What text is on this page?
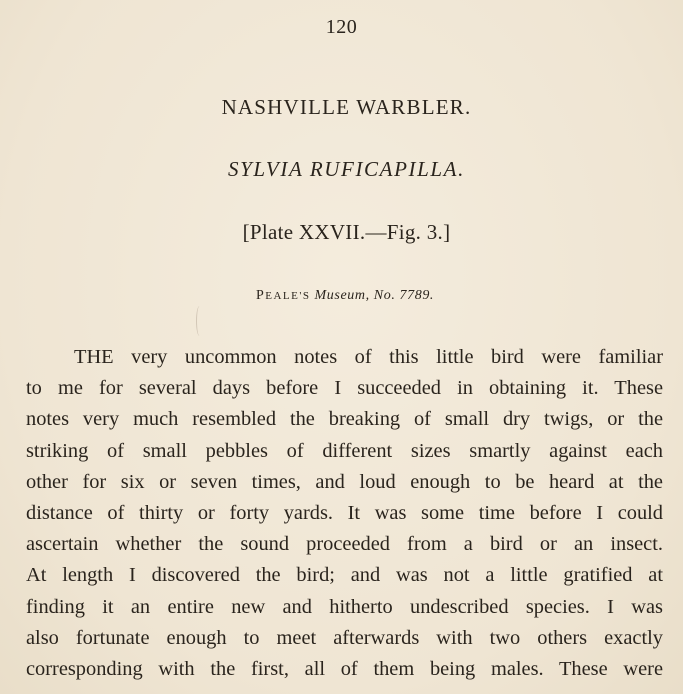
120
NASHVILLE WARBLER.
SYLVIA RUFICAPILLA.
[Plate XXVII.—Fig. 3.]
PEALE'S Museum, No. 7789.
THE very uncommon notes of this little bird were familiar
to me for several days before I succeeded in obtaining it. These
notes very much resembled the breaking of small dry twigs, or the
striking of small pebbles of different sizes smartly against each
other for six or seven times, and loud enough to be heard at the
distance of thirty or forty yards. It was some time before I could
ascertain whether the sound proceeded from a bird or an insect.
At length I discovered the bird; and was not a little gratified at
finding it an entire new and hitherto undescribed species. I was
also fortunate enough to meet afterwards with two others exactly
corresponding with the first, all of them being males. These were
